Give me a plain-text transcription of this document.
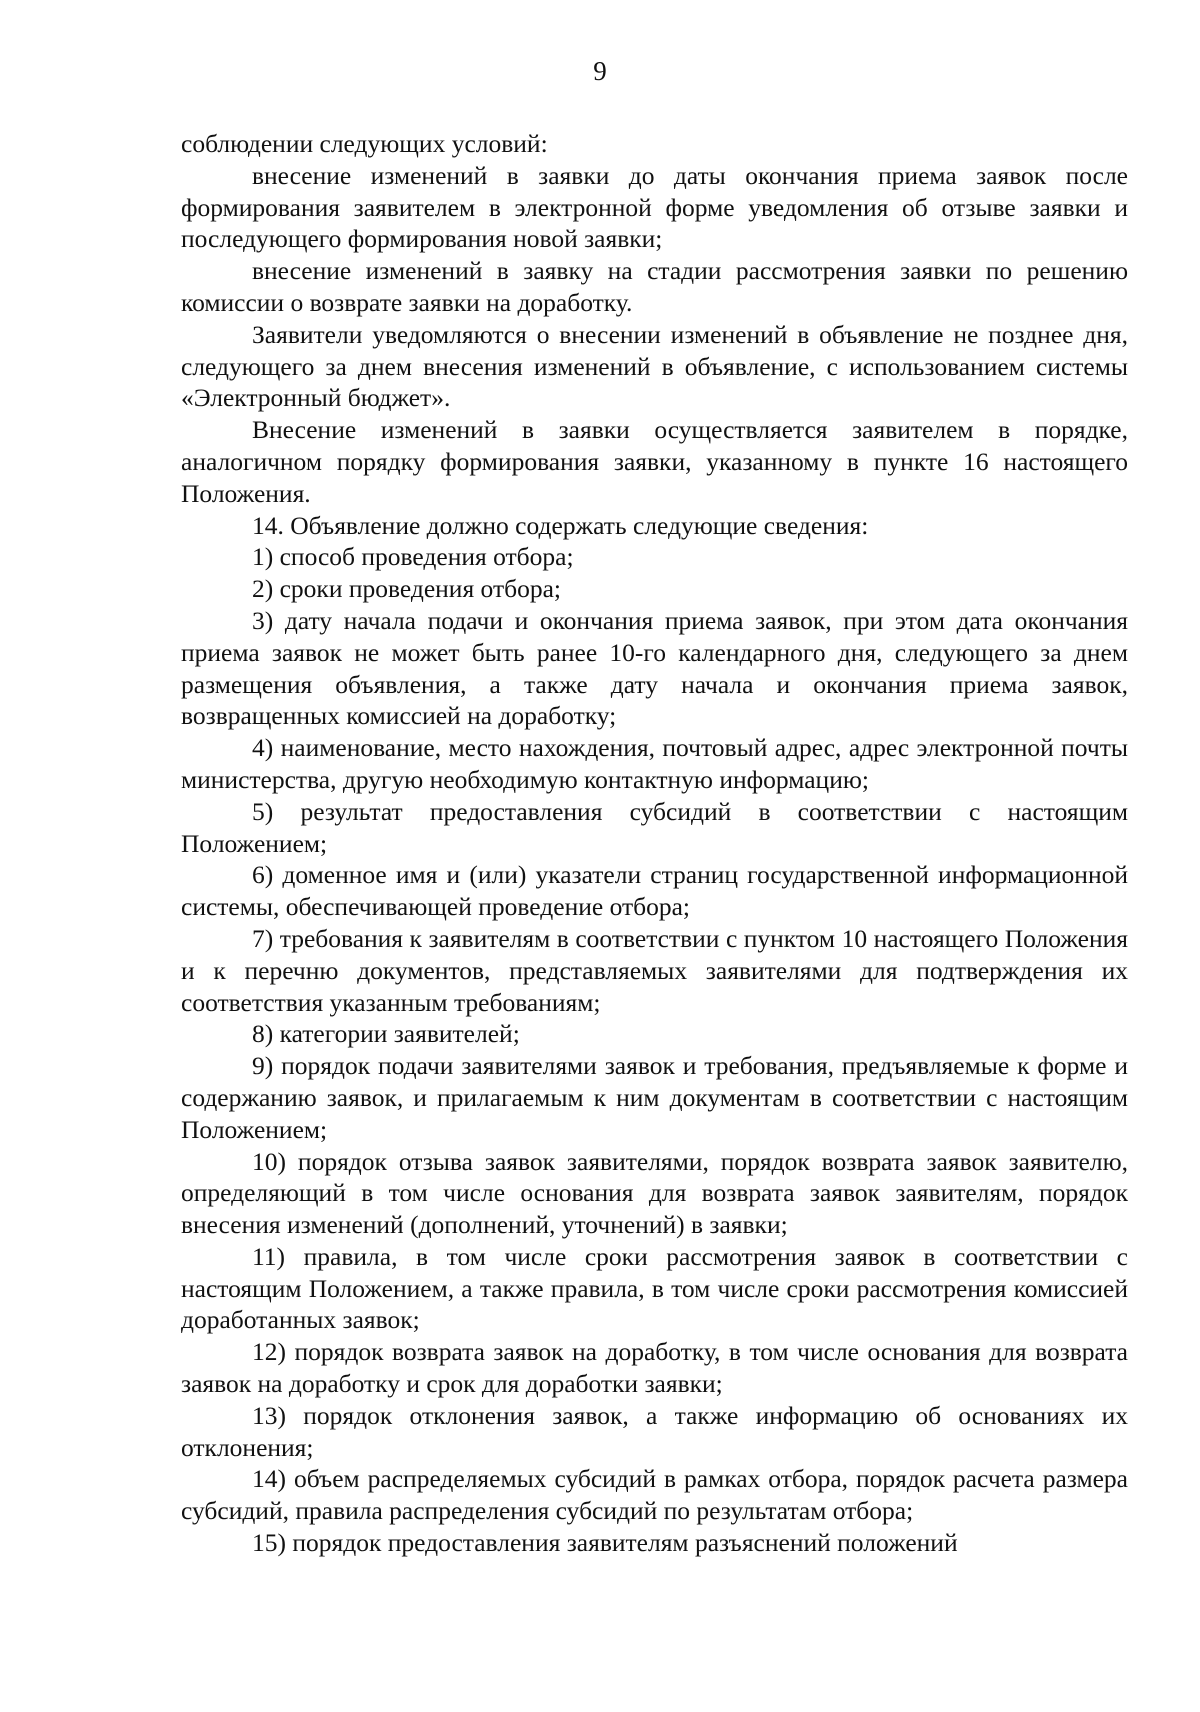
9

соблюдении следующих условий:

внесение изменений в заявки до даты окончания приема заявок после формирования заявителем в электронной форме уведомления об отзыве заявки и последующего формирования новой заявки;

внесение изменений в заявку на стадии рассмотрения заявки по решению комиссии о возврате заявки на доработку.

Заявители уведомляются о внесении изменений в объявление не позднее дня, следующего за днем внесения изменений в объявление, с использованием системы «Электронный бюджет».

Внесение изменений в заявки осуществляется заявителем в порядке, аналогичном порядку формирования заявки, указанному в пункте 16 настоящего Положения.

14. Объявление должно содержать следующие сведения:

1) способ проведения отбора;

2) сроки проведения отбора;

3) дату начала подачи и окончания приема заявок, при этом дата окончания приема заявок не может быть ранее 10-го календарного дня, следующего за днем размещения объявления, а также дату начала и окончания приема заявок, возвращенных комиссией на доработку;

4) наименование, место нахождения, почтовый адрес, адрес электронной почты министерства, другую необходимую контактную информацию;

5) результат предоставления субсидий в соответствии с настоящим Положением;

6) доменное имя и (или) указатели страниц государственной информационной системы, обеспечивающей проведение отбора;

7) требования к заявителям в соответствии с пунктом 10 настоящего Положения и к перечню документов, представляемых заявителями для подтверждения их соответствия указанным требованиям;

8) категории заявителей;

9) порядок подачи заявителями заявок и требования, предъявляемые к форме и содержанию заявок, и прилагаемым к ним документам в соответствии с настоящим Положением;

10) порядок отзыва заявок заявителями, порядок возврата заявок заявителю, определяющий в том числе основания для возврата заявок заявителям, порядок внесения изменений (дополнений, уточнений) в заявки;

11) правила, в том числе сроки рассмотрения заявок в соответствии с настоящим Положением, а также правила, в том числе сроки рассмотрения комиссией доработанных заявок;

12) порядок возврата заявок на доработку, в том числе основания для возврата заявок на доработку и срок для доработки заявки;

13) порядок отклонения заявок, а также информацию об основаниях их отклонения;

14) объем распределяемых субсидий в рамках отбора, порядок расчета размера субсидий, правила распределения субсидий по результатам отбора;

15) порядок предоставления заявителям разъяснений положений
